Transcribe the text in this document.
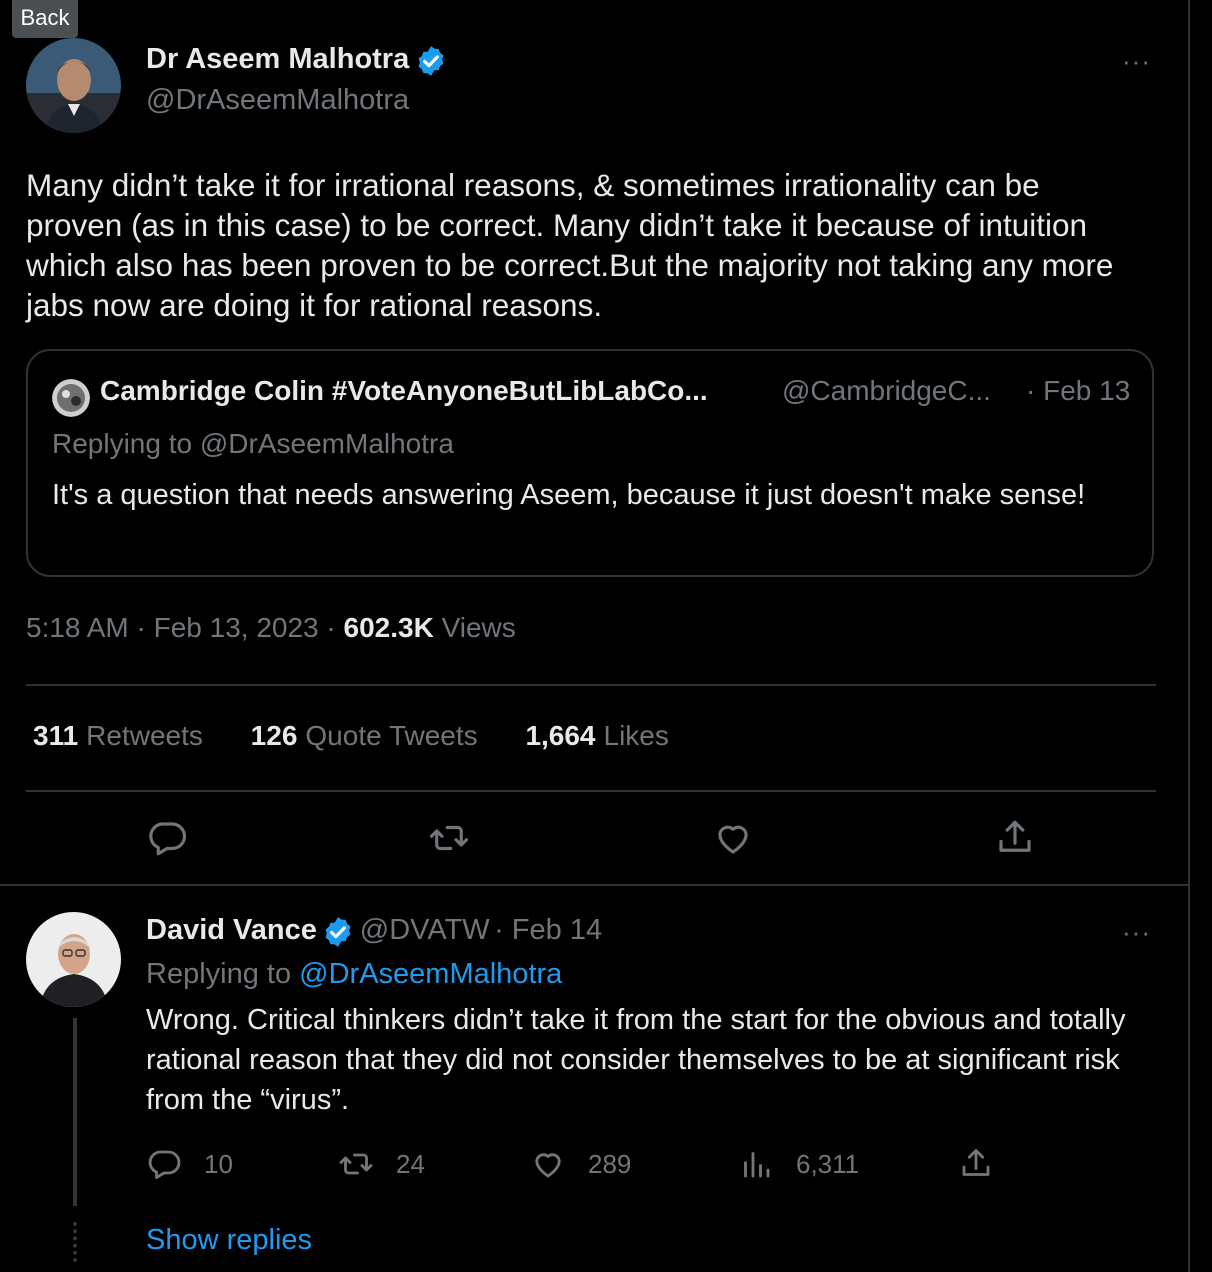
Back
Dr Aseem Malhotra
@DrAseemMalhotra
···
Many didn’t take it for irrational reasons, & sometimes irrationality can be proven (as in this case) to be correct. Many didn’t take it because of intuition which also has been proven to be correct.But the majority not taking any more jabs now are doing it for rational reasons.
Cambridge Colin #VoteAnyoneButLibLabCo...	@CambridgeC... · Feb 13
Replying to @DrAseemMalhotra
It's a question that needs answering Aseem, because it just doesn't make sense!
5:18 AM · Feb 13, 2023 · 602.3K Views
311 Retweets 126 Quote Tweets 1,664 Likes
David Vance @DVATW · Feb 14	···
Replying to @DrAseemMalhotra
Wrong. Critical thinkers didn’t take it from the start for the obvious and totally rational reason that they did not consider themselves to be at significant risk from the “virus”.
10	24	289	6,311
Show replies
